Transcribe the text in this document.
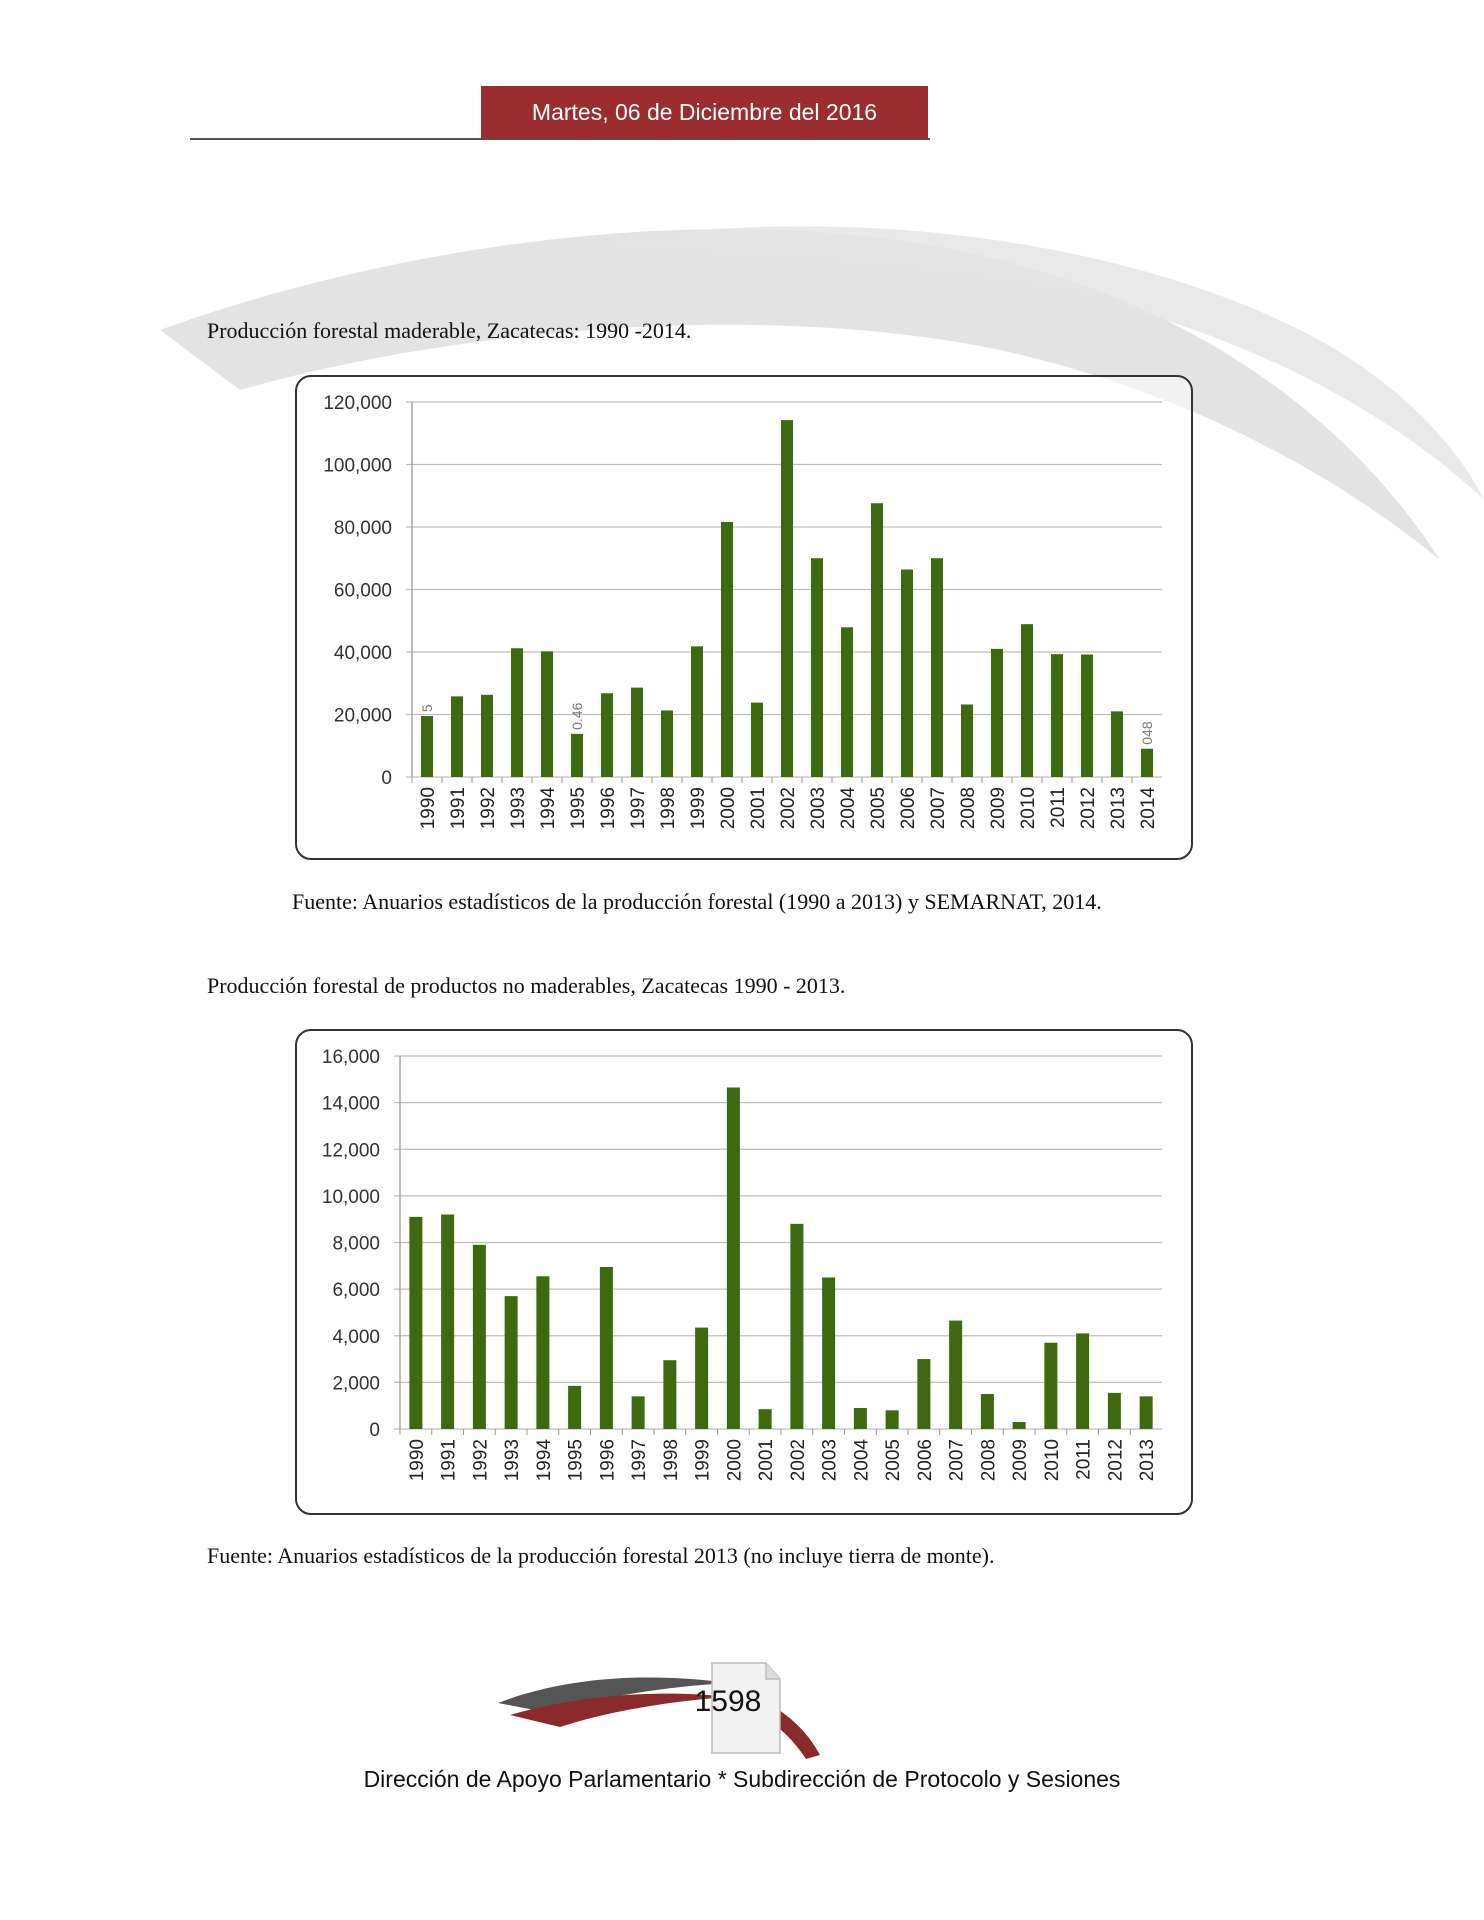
Martes, 06 de Diciembre del 2016
Producción forestal maderable, Zacatecas: 1990 -2014.
0
20,000
40,000
60,000
80,000
100,000
120,000
1990 1991 1992 1993 1994 1995 1996 1997 1998 1999 2000 2001 2002 2003 2004 2005 2006 2007 2008 2009 2010 2011 2012 2013 2014
5	0.46
048
Fuente: Anuarios estadísticos de la producción forestal (1990 a 2013) y SEMARNAT, 2014.
Producción forestal de productos no maderables, Zacatecas 1990 - 2013.
0
2,000
4,000
6,000
8,000
10,000
12,000
14,000
16,000
1990 1991 1992 1993 1994 1995 1996 1997 1998 1999 2000 2001 2002 2003 2004 2005 2006 2007 2008 2009 2010 2011 2012 2013
Fuente: Anuarios estadísticos de la producción forestal 2013 (no incluye tierra de monte).
1598
Dirección de Apoyo Parlamentario * Subdirección de Protocolo y Sesiones
